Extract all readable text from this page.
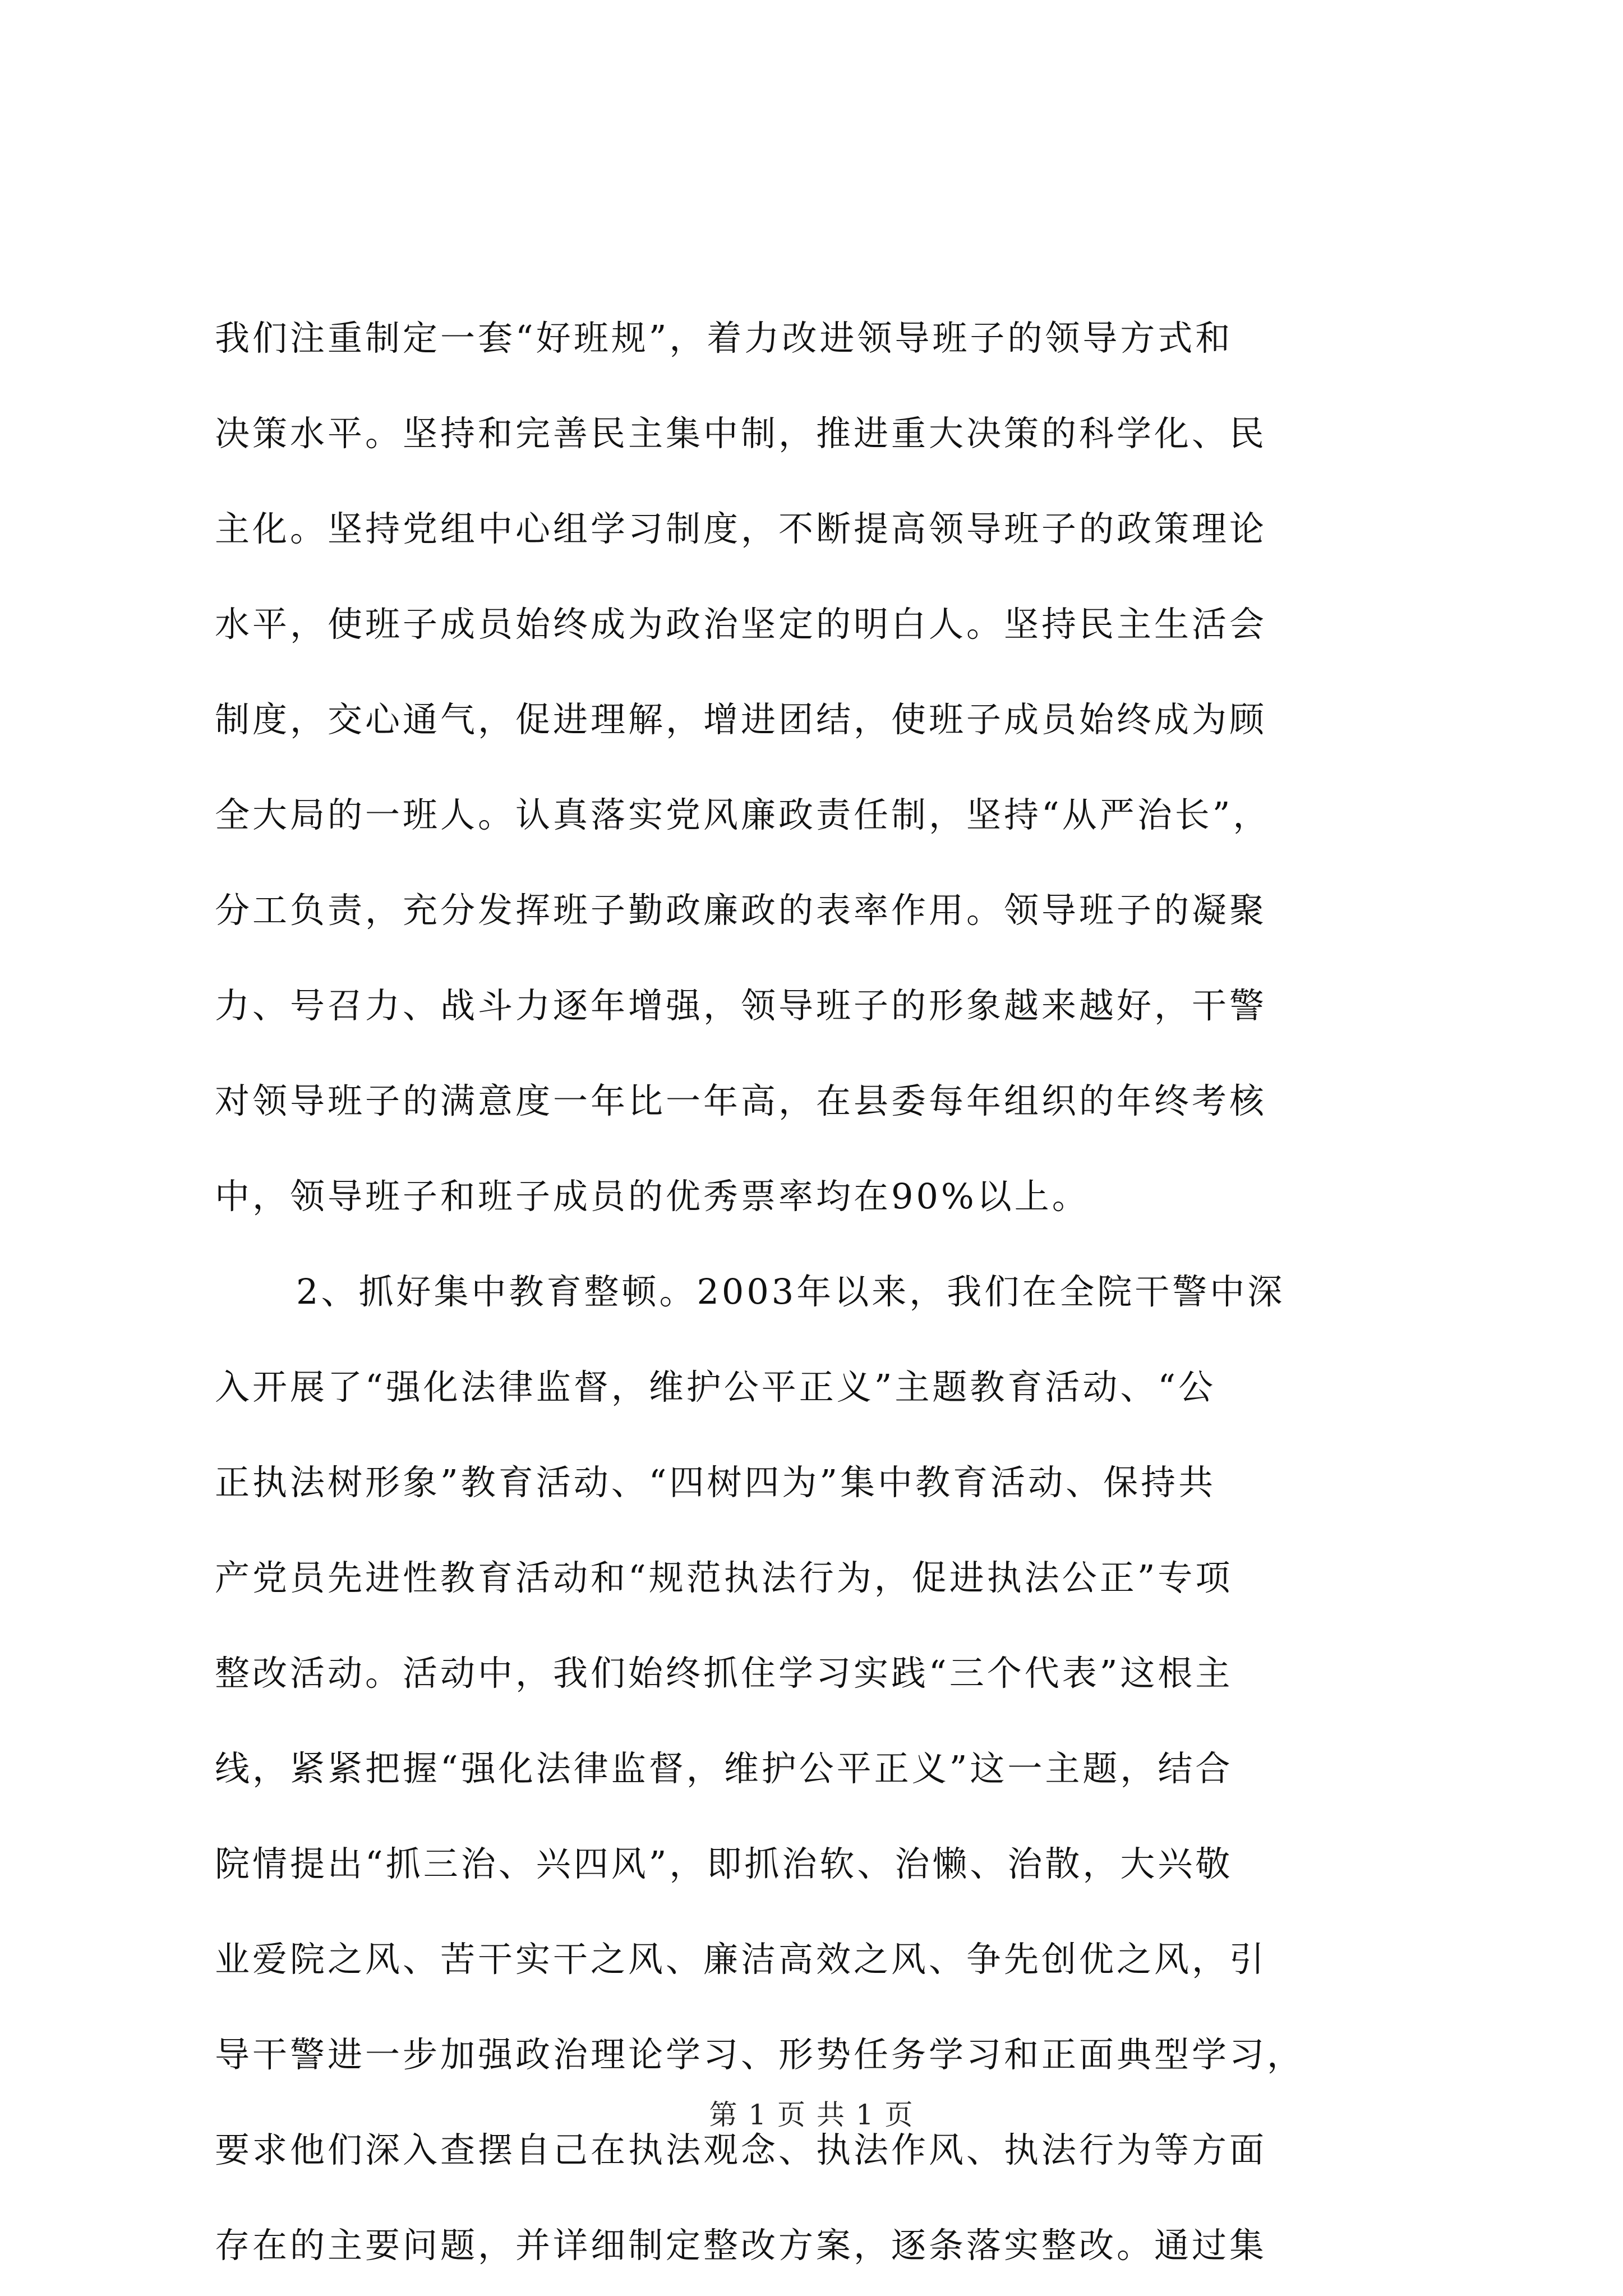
我们注重制定一套“好班规”，着力改进领导班子的领导方式和
决策水平。坚持和完善民主集中制，推进重大决策的科学化、民
主化。坚持党组中心组学习制度，不断提高领导班子的政策理论
水平，使班子成员始终成为政治坚定的明白人。坚持民主生活会
制度，交心通气，促进理解，增进团结，使班子成员始终成为顾
全大局的一班人。认真落实党风廉政责任制，坚持“从严治长”，
分工负责，充分发挥班子勤政廉政的表率作用。领导班子的凝聚
力、号召力、战斗力逐年增强，领导班子的形象越来越好，干警
对领导班子的满意度一年比一年高，在县委每年组织的年终考核
中，领导班子和班子成员的优秀票率均在90%以上。
2、抓好集中教育整顿。2003年以来，我们在全院干警中深
入开展了“强化法律监督，维护公平正义”主题教育活动、“公
正执法树形象”教育活动、“四树四为”集中教育活动、保持共
产党员先进性教育活动和“规范执法行为，促进执法公正”专项
整改活动。活动中，我们始终抓住学习实践“三个代表”这根主
线，紧紧把握“强化法律监督，维护公平正义”这一主题，结合
院情提出“抓三治、兴四风”，即抓治软、治懒、治散，大兴敬
业爱院之风、苦干实干之风、廉洁高效之风、争先创优之风，引
导干警进一步加强政治理论学习、形势任务学习和正面典型学习，
要求他们深入查摆自己在执法观念、执法作风、执法行为等方面
存在的主要问题，并详细制定整改方案，逐条落实整改。通过集
第 1 页 共 1 页
